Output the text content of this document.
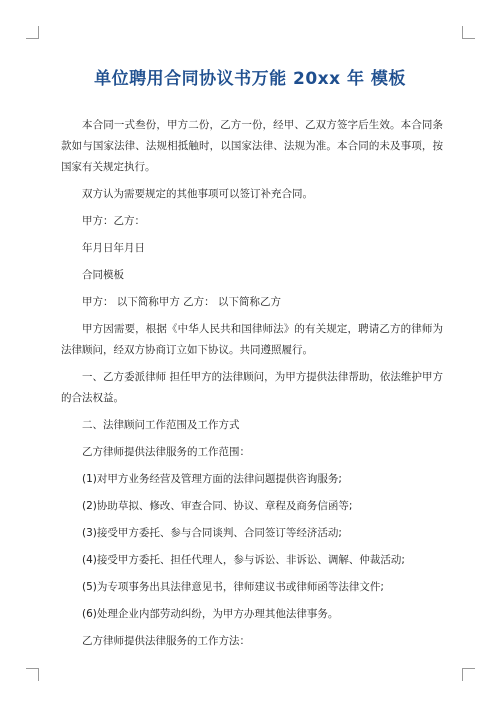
单位聘用合同协议书万能 20xx 年 模板

本合同一式叁份，甲方二份，乙方一份，经甲、乙双方签字后生效。本合同条款如与国家法律、法规相抵触时，以国家法律、法规为准。本合同的未及事项，按国家有关规定执行。

双方认为需要规定的其他事项可以签订补充合同。

甲方：乙方：

年月日年月日

合同模板

甲方： 以下简称甲方 乙方： 以下简称乙方

甲方因需要，根据《中华人民共和国律师法》的有关规定，聘请乙方的律师为法律顾问，经双方协商订立如下协议。共同遵照履行。

一、乙方委派律师 担任甲方的法律顾问，为甲方提供法律帮助，依法维护甲方的合法权益。

二、法律顾问工作范围及工作方式

乙方律师提供法律服务的工作范围：

(1)对甲方业务经营及管理方面的法律问题提供咨询服务;

(2)协助草拟、修改、审查合同、协议、章程及商务信函等;

(3)接受甲方委托、参与合同谈判、合同签订等经济活动;

(4)接受甲方委托、担任代理人，参与诉讼、非诉讼、调解、仲裁活动;

(5)为专项事务出具法律意见书，律师建议书或律师函等法律文件;

(6)处理企业内部劳动纠纷，为甲方办理其他法律事务。

乙方律师提供法律服务的工作方法：
